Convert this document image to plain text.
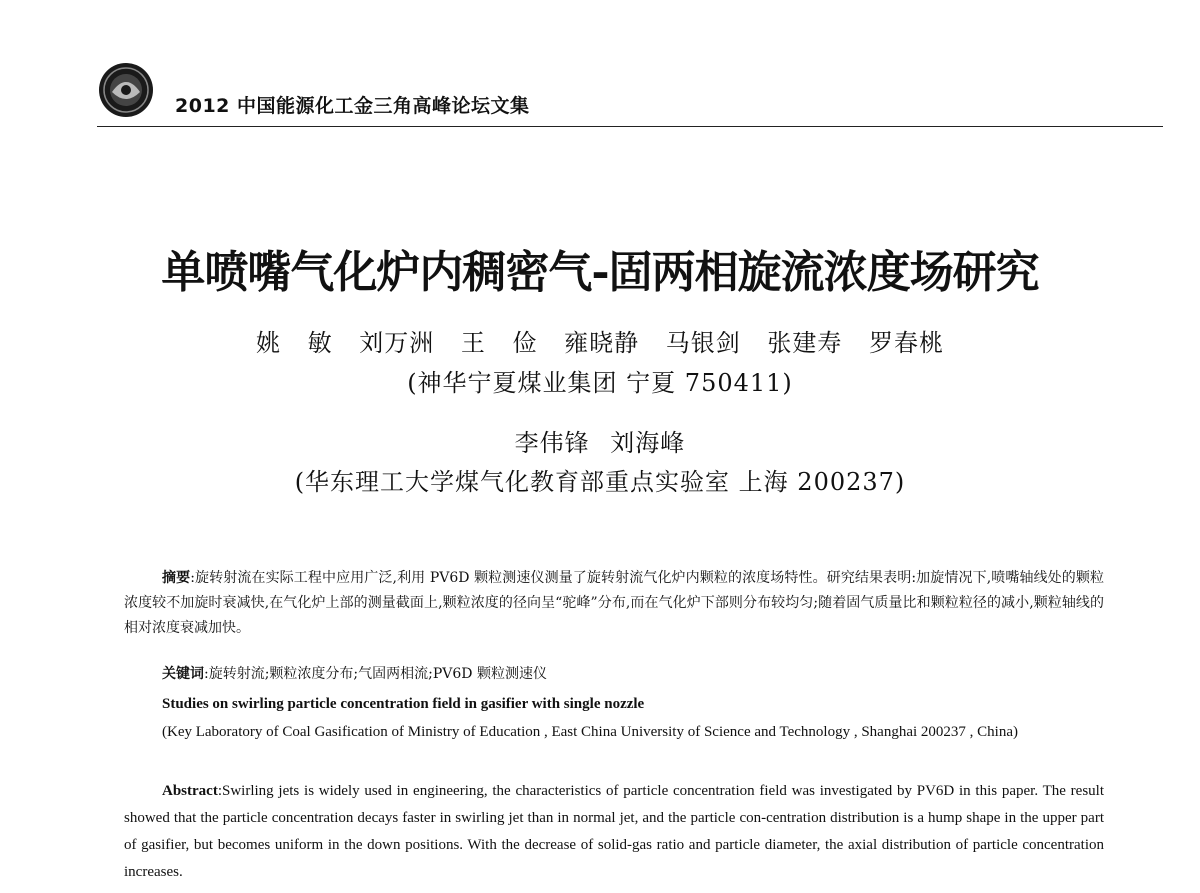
2012 中国能源化工金三角高峰论坛文集
单喷嘴气化炉内稠密气-固两相旋流浓度场研究
姚 敏 刘万洲 王 俭 雍晓静 马银剑 张建寿 罗春桃
(神华宁夏煤业集团 宁夏 750411)
李伟锋 刘海峰
(华东理工大学煤气化教育部重点实验室 上海 200237)
摘要:旋转射流在实际工程中应用广泛,利用 PV6D 颗粒测速仪测量了旋转射流气化炉内颗粒的浓度场特性。研究结果表明:加旋情况下,喷嘴轴线处的颗粒浓度较不加旋时衰减快,在气化炉上部的测量截面上,颗粒浓度的径向呈“驼峰”分布,而在气化炉下部则分布较均匀;随着固气质量比和颗粒粒径的减小,颗粒轴线的相对浓度衰减加快。
关键词:旋转射流;颗粒浓度分布;气固两相流;PV6D 颗粒测速仪
Studies on swirling particle concentration field in gasifier with single nozzle
(Key Laboratory of Coal Gasification of Ministry of Education , East China University of Science and Technology , Shanghai 200237 , China)
Abstract:Swirling jets is widely used in engineering, the characteristics of particle concentration field was investigated by PV6D in this paper. The result showed that the particle concentration decays faster in swirling jet than in normal jet, and the particle con-centration distribution is a hump shape in the upper part of gasifier, but becomes uniform in the down positions. With the decrease of solid-gas ratio and particle diameter, the axial distribution of particle concentration increases.
